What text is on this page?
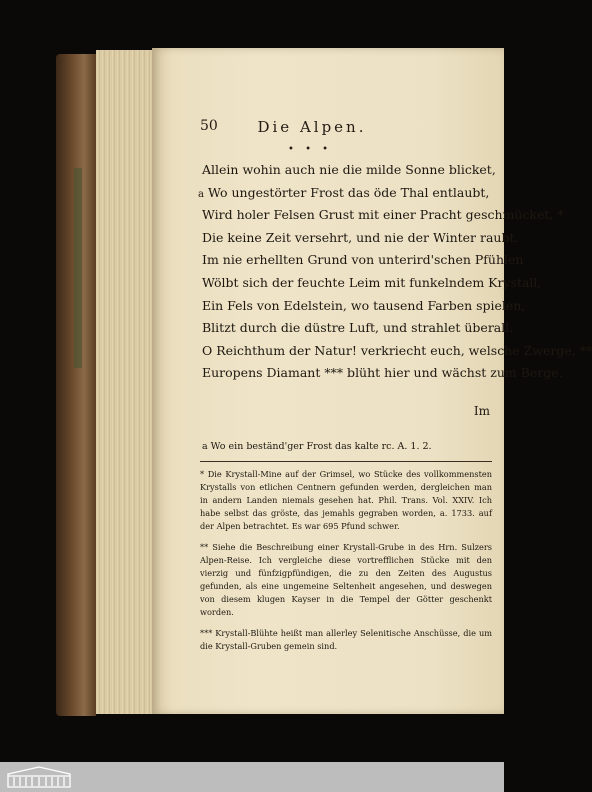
50	Die Alpen.
• • •
Allein wohin auch nie die milde Sonne blicket,
a Wo ungestörter Frost das öde Thal entlaubt,
Wird holer Felsen Grust mit einer Pracht geschmücket, *
Die keine Zeit versehrt, und nie der Winter raubt.
Im nie erhellten Grund von unterird'schen Pfühlen
Wölbt sich der feuchte Leim mit funkelndem Krystall,
Ein Fels von Edelstein, wo tausend Farben spielen,
Blitzt durch die düstre Luft, und strahlet überall.
O Reichthum der Natur! verkriecht euch, welsche Zwerge, **
Europens Diamant *** blüht hier und wächst zum Berge.
Im
a Wo ein beständ'ger Frost das kalte rc. A. 1. 2.
* Die Krystall-Mine auf der Grimsel, wo Stücke des vollkommensten Krystalls von etlichen Centnern gefunden werden, dergleichen man in andern Landen niemals gesehen hat. Phil. Trans. Vol. XXIV. Ich habe selbst das gröste, das jemahls gegraben worden, a. 1733. auf der Alpen betrachtet. Es war 695 Pfund schwer.
** Siehe die Beschreibung einer Krystall-Grube in des Hrn. Sulzers Alpen-Reise. Ich vergleiche diese vortrefflichen Stücke mit den vierzig und fünfzigpfündigen, die zu den Zeiten des Augustus gefunden, als eine ungemeine Seltenheit angesehen, und deswegen von diesem klugen Kayser in die Tempel der Götter geschenkt worden.
*** Krystall-Blühte heißt man allerley Selenitische Anschüsse, die um die Krystall-Gruben gemein sind.
